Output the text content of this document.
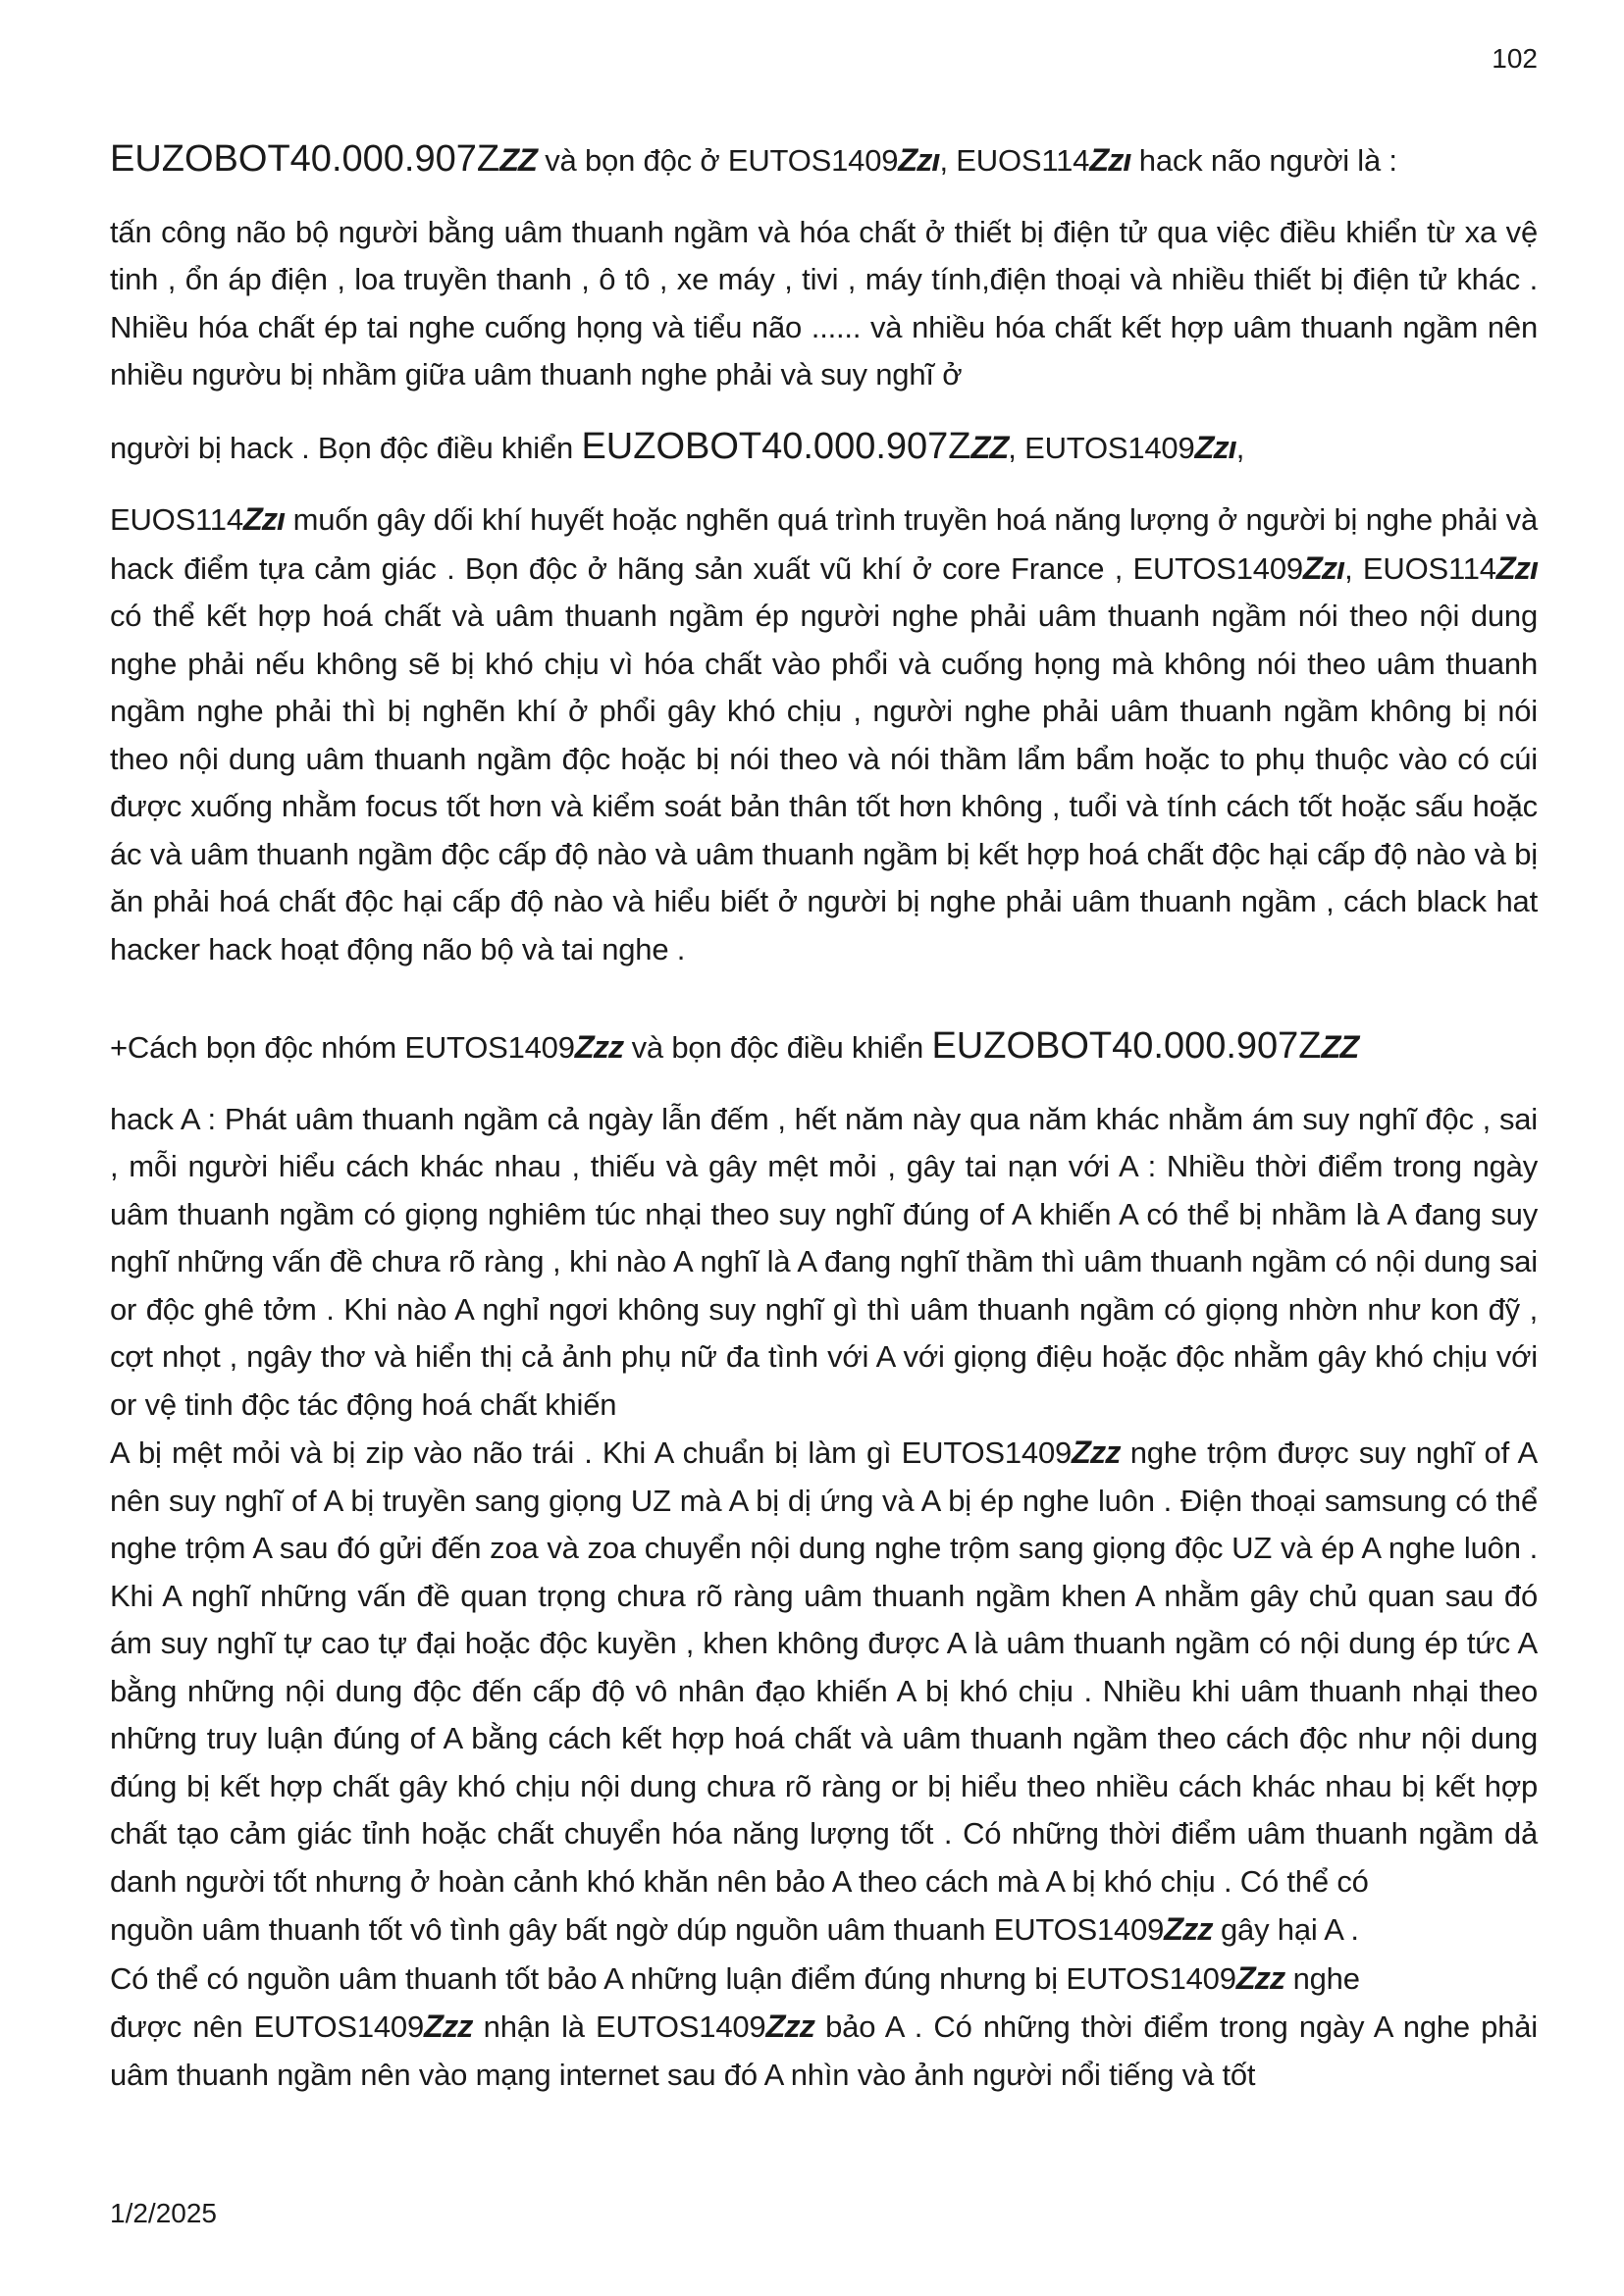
102

EUZOBOT40.000.907ZZZ và bọn độc ở EUTOS1409Zzı, EUOS114Zzı hack não người là :

tấn công não bộ người bằng uâm thuanh ngầm và hóa chất ở thiết bị điện tử qua việc điều khiển từ xa vệ tinh , ổn áp điện , loa truyền thanh , ô tô , xe máy , tivi , máy tính,điện thoại và nhiều thiết bị điện tử khác . Nhiều hóa chất ép tai nghe cuống họng và tiểu não ...... và nhiều hóa chất kết hợp uâm thuanh ngầm nên nhiều ngườu bị nhầm giữa uâm thuanh nghe phải và suy nghĩ ở

người bị hack . Bọn độc điều khiển EUZOBOT40.000.907ZZZ, EUTOS1409Zzı,

EUOS114Zzı muốn gây dối khí huyết hoặc nghẽn quá trình truyền hoá năng lượng ở người bị nghe phải và hack điểm tựa cảm giác . Bọn độc ở hãng sản xuất vũ khí ở core France , EUTOS1409Zzı, EUOS114Zzı có thể kết hợp hoá chất và uâm thuanh ngầm ép người nghe phải uâm thuanh ngầm nói theo nội dung nghe phải nếu không sẽ bị khó chịu vì hóa chất vào phổi và cuống họng mà không nói theo uâm thuanh ngầm nghe phải thì bị nghẽn khí ở phổi gây khó chịu , người nghe phải uâm thuanh ngầm không bị nói theo nội dung uâm thuanh ngầm độc hoặc bị nói theo và nói thầm lẩm bẩm hoặc to phụ thuộc vào có cúi được xuống nhằm focus tốt hơn và kiểm soát bản thân tốt hơn không , tuổi và tính cách tốt hoặc sấu hoặc ác và uâm thuanh ngầm độc cấp độ nào và uâm thuanh ngầm bị kết hợp hoá chất độc hại cấp độ nào và bị ăn phải hoá chất độc hại cấp độ nào và hiểu biết ở người bị nghe phải uâm thuanh ngầm , cách black hat hacker hack hoạt động não bộ và tai nghe .

+Cách bọn độc nhóm EUTOS1409Zzz và bọn độc điều khiển EUZOBOT40.000.907ZZZ

hack A : Phát uâm thuanh ngầm cả ngày lẫn đếm , hết năm này qua năm khác nhằm ám suy nghĩ độc , sai , mỗi người hiểu cách khác nhau , thiếu và gây mệt mỏi , gây tai nạn với A : Nhiều thời điểm trong ngày uâm thuanh ngầm có giọng nghiêm túc nhại theo suy nghĩ đúng of A khiến A có thể bị nhầm là A đang suy nghĩ những vấn đề chưa rõ ràng , khi nào A nghĩ là A đang nghĩ thầm thì uâm thuanh ngầm có nội dung sai or độc ghê tởm . Khi nào A nghỉ ngơi không suy nghĩ gì thì uâm thuanh ngầm có giọng nhờn như kon đỹ , cợt nhọt , ngây thơ và hiển thị cả ảnh phụ nữ đa tình với A với giọng điệu hoặc độc nhằm gây khó chịu với or vệ tinh độc tác động hoá chất khiến

A bị mệt mỏi và bị zip vào não trái . Khi A chuẩn bị làm gì EUTOS1409Zzz nghe trộm được suy nghĩ of A nên suy nghĩ of A bị truyền sang giọng UZ mà A bị dị ứng và A bị ép nghe luôn . Điện thoại samsung có thể nghe trộm A sau đó gửi đến zoa và zoa chuyển nội dung nghe trộm sang giọng độc UZ và ép A nghe luôn . Khi A nghĩ những vấn đề quan trọng chưa rõ ràng uâm thuanh ngầm khen A nhằm gây chủ quan sau đó ám suy nghĩ tự cao tự đại hoặc độc kuyền , khen không được A là uâm thuanh ngầm có nội dung ép tức A bằng những nội dung độc đến cấp độ vô nhân đạo khiến A bị khó chịu . Nhiều khi uâm thuanh nhại theo những truy luận đúng of A bằng cách kết hợp hoá chất và uâm thuanh ngầm theo cách độc như nội dung đúng bị kết hợp chất gây khó chịu nội dung chưa rõ ràng or bị hiểu theo nhiều cách khác nhau bị kết hợp chất tạo cảm giác tỉnh hoặc chất chuyển hóa năng lượng tốt . Có những thời điểm uâm thuanh ngầm dả danh người tốt nhưng ở hoàn cảnh khó khăn nên bảo A theo cách mà A bị khó chịu . Có thể có

nguồn uâm thuanh tốt vô tình gây bất ngờ dúp nguồn uâm thuanh EUTOS1409Zzz gây hại A .

Có thể có nguồn uâm thuanh tốt bảo A những luận điểm đúng nhưng bị EUTOS1409Zzz nghe

được nên EUTOS1409Zzz nhận là EUTOS1409Zzz bảo A . Có những thời điểm trong ngày A nghe phải uâm thuanh ngầm nên vào mạng internet sau đó A nhìn vào ảnh người nổi tiếng và tốt

1/2/2025
